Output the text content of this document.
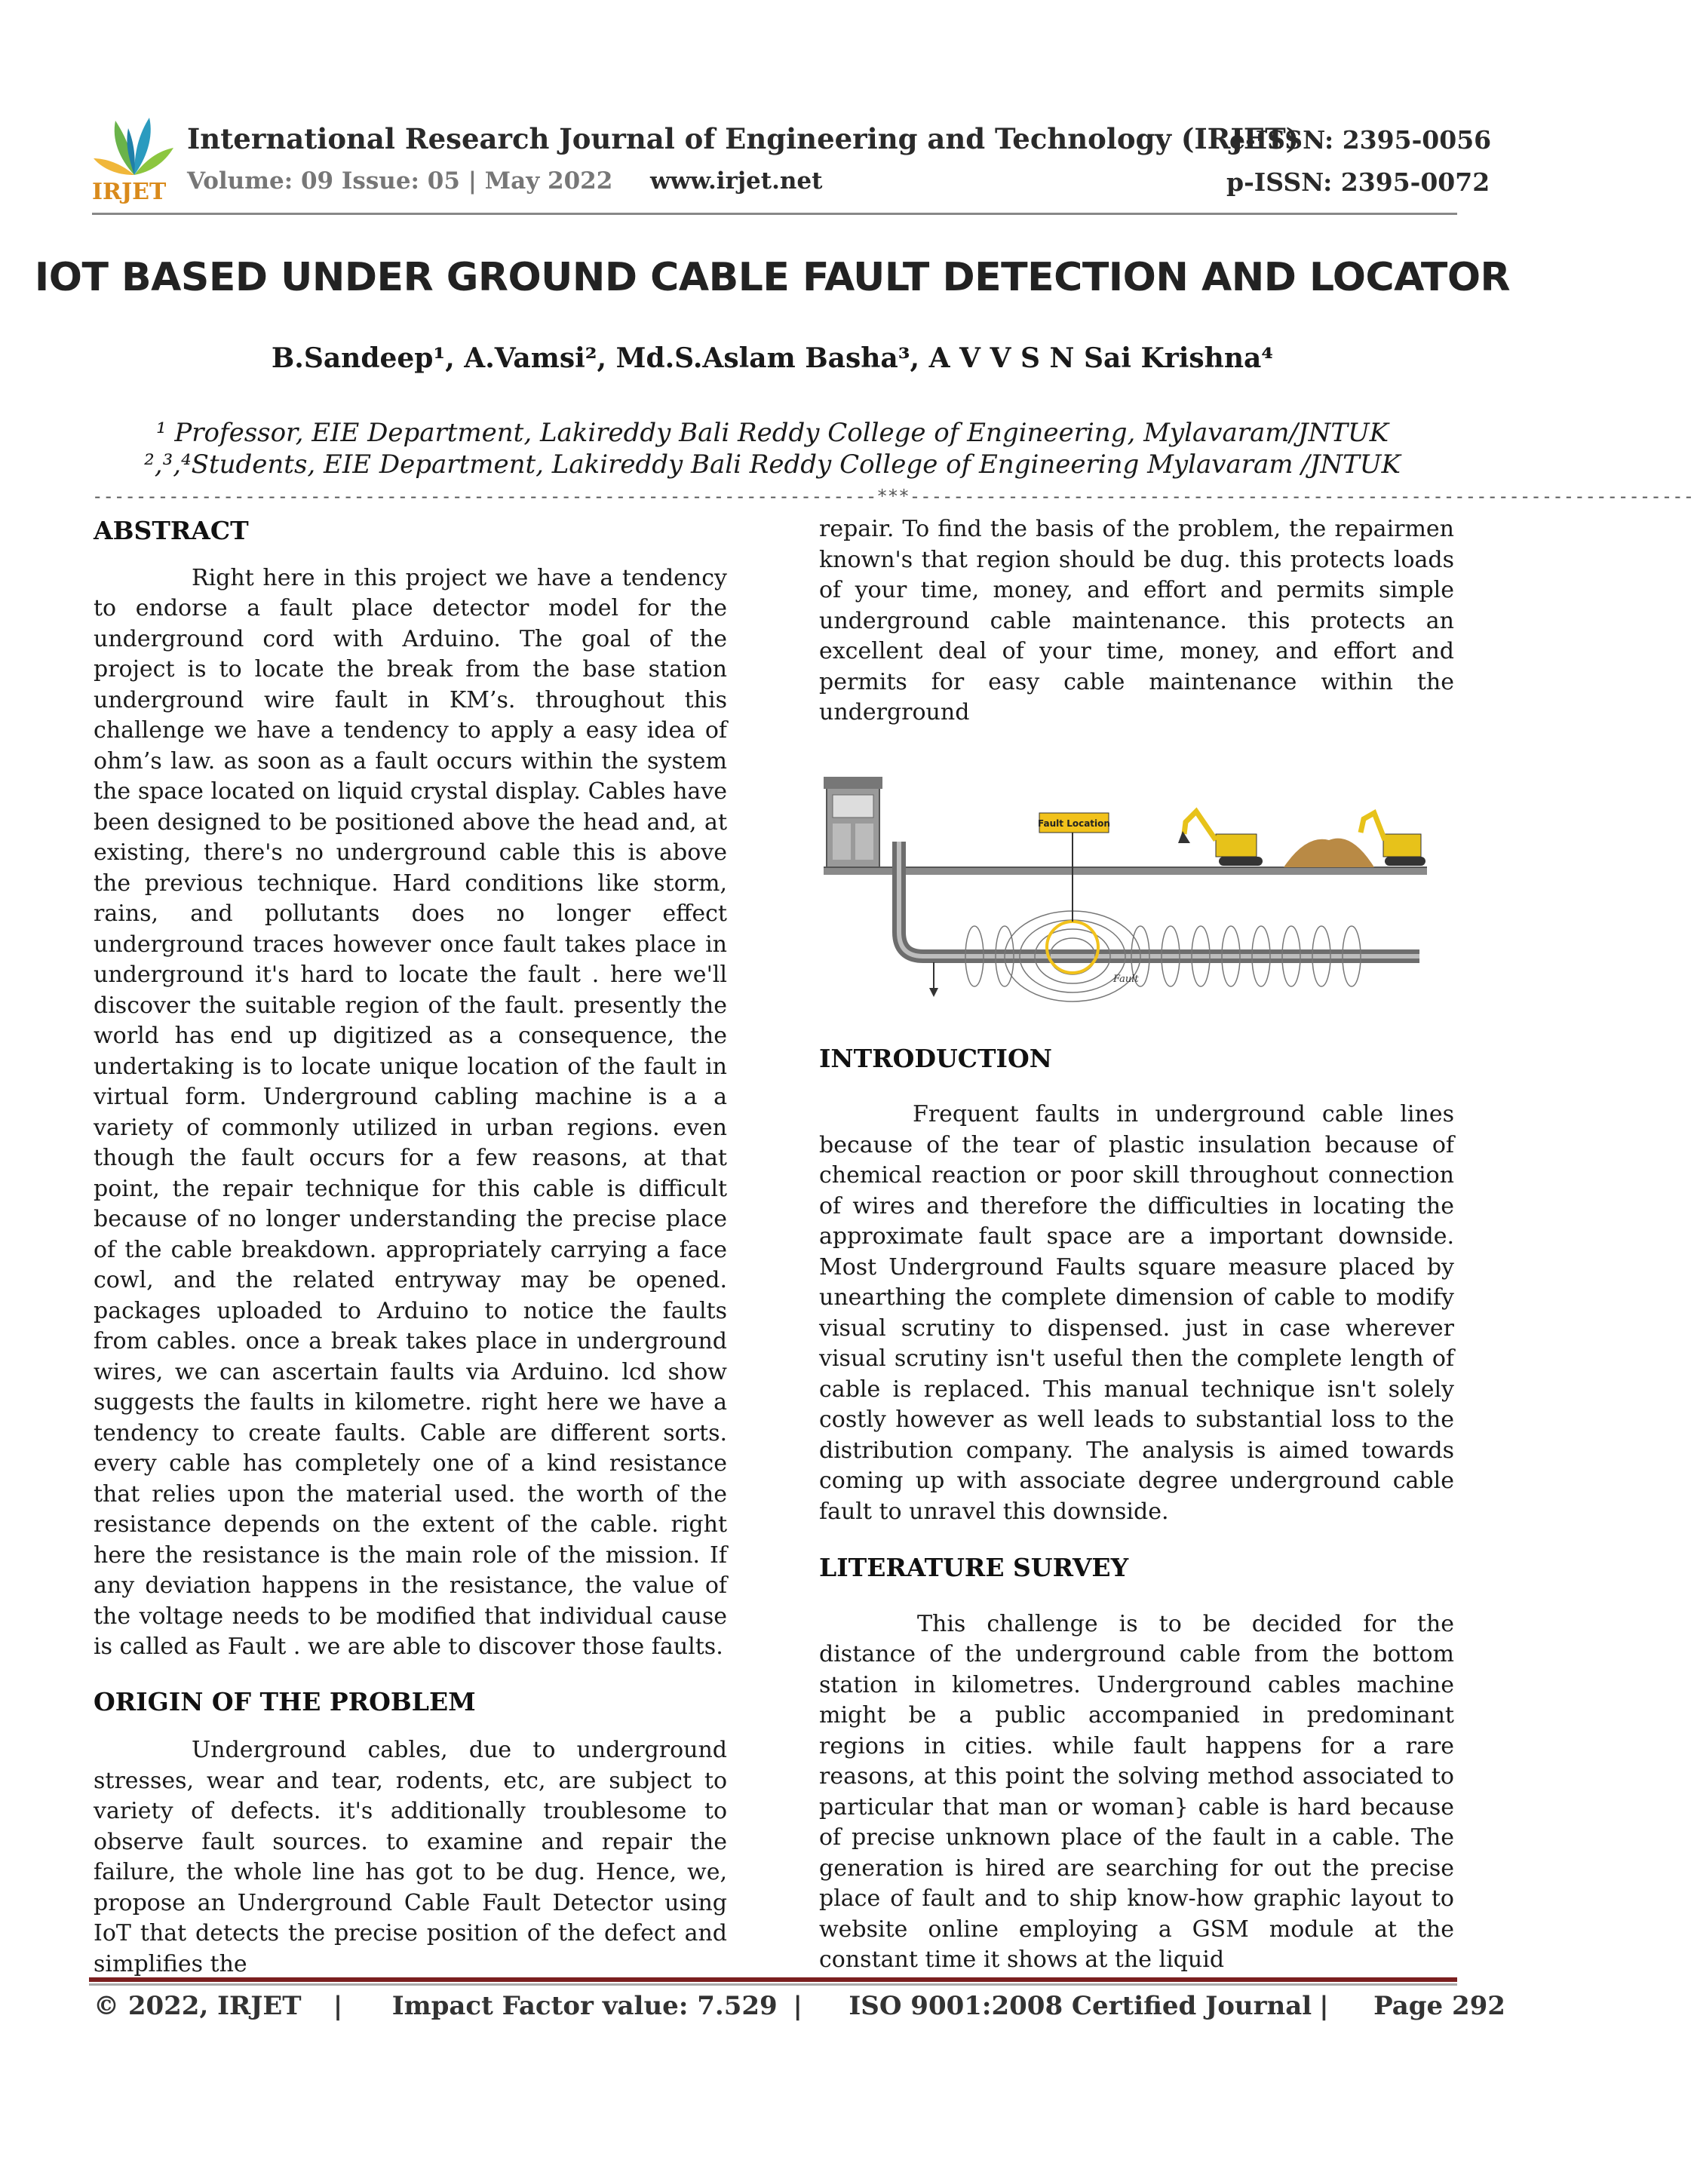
IRJET
International Research Journal of Engineering and Technology (IRJET)
e-ISSN: 2395-0056
Volume: 09 Issue: 05 | May 2022 www.irjet.net	p-ISSN: 2395-0072
IOT BASED UNDER GROUND CABLE FAULT DETECTION AND LOCATOR
B.Sandeep¹, A.Vamsi², Md.S.Aslam Basha³, A V V S N Sai Krishna⁴
¹ Professor, EIE Department, Lakireddy Bali Reddy College of Engineering, Mylavaram/JNTUK
²,³,⁴Students, EIE Department, Lakireddy Bali Reddy College of Engineering Mylavaram /JNTUK
------------------------------------------------------------------------***------------------------------------------------------------------------
ABSTRACT

Right here in this project we have a tendency to endorse a fault place detector model for the underground cord with Arduino. The goal of the project is to locate the break from the base station underground wire fault in KM’s. throughout this challenge we have a tendency to apply a easy idea of ohm’s law. as soon as a fault occurs within the system the space located on liquid crystal display. Cables have been designed to be positioned above the head and, at existing, there's no underground cable this is above the previous technique. Hard conditions like storm, rains, and pollutants does no longer effect underground traces however once fault takes place in underground it's hard to locate the fault . here we'll discover the suitable region of the fault. presently the world has end up digitized as a consequence, the undertaking is to locate unique location of the fault in virtual form. Underground cabling machine is a a variety of commonly utilized in urban regions. even though the fault occurs for a few reasons, at that point, the repair technique for this cable is difficult because of no longer understanding the precise place of the cable breakdown. appropriately carrying a face cowl, and the related entryway may be opened. packages uploaded to Arduino to notice the faults from cables. once a break takes place in underground wires, we can ascertain faults via Arduino. lcd show suggests the faults in kilometre. right here we have a tendency to create faults. Cable are different sorts. every cable has completely one of a kind resistance that relies upon the material used. the worth of the resistance depends on the extent of the cable. right here the resistance is the main role of the mission. If any deviation happens in the resistance, the value of the voltage needs to be modified that individual cause is called as Fault . we are able to discover those faults.

ORIGIN OF THE PROBLEM

Underground cables, due to underground stresses, wear and tear, rodents, etc, are subject to variety of defects. it's additionally troublesome to observe fault sources. to examine and repair the failure, the whole line has got to be dug. Hence, we, propose an Underground Cable Fault Detector using IoT that detects the precise position of the defect and simplifies the

repair. To find the basis of the problem, the repairmen known's that region should be dug. this protects loads of your time, money, and effort and permits simple underground cable maintenance. this protects an excellent deal of your time, money, and effort and permits for easy cable maintenance within the underground

INTRODUCTION

Frequent faults in underground cable lines because of the tear of plastic insulation because of chemical reaction or poor skill throughout connection of wires and therefore the difficulties in locating the approximate fault space are a important downside. Most Underground Faults square measure placed by unearthing the complete dimension of cable to modify visual scrutiny to dispensed. just in case wherever visual scrutiny isn't useful then the complete length of cable is replaced. This manual technique isn't solely costly however as well leads to substantial loss to the distribution company. The analysis is aimed towards coming up with associate degree underground cable fault to unravel this downside.

LITERATURE SURVEY

This challenge is to be decided for the distance of the underground cable from the bottom station in kilometres. Underground cables machine might be a public accompanied in predominant regions in cities. while fault happens for a rare reasons, at this point the solving method associated to particular that man or woman} cable is hard because of precise unknown place of the fault in a cable. The generation is hired are searching for out the precise place of fault and to ship know-how graphic layout to website online employing a GSM module at the constant time it shows at the liquid

Fault Location
Fault
© 2022, IRJET | Impact Factor value: 7.529 | ISO 9001:2008 Certified Journal | Page 292
